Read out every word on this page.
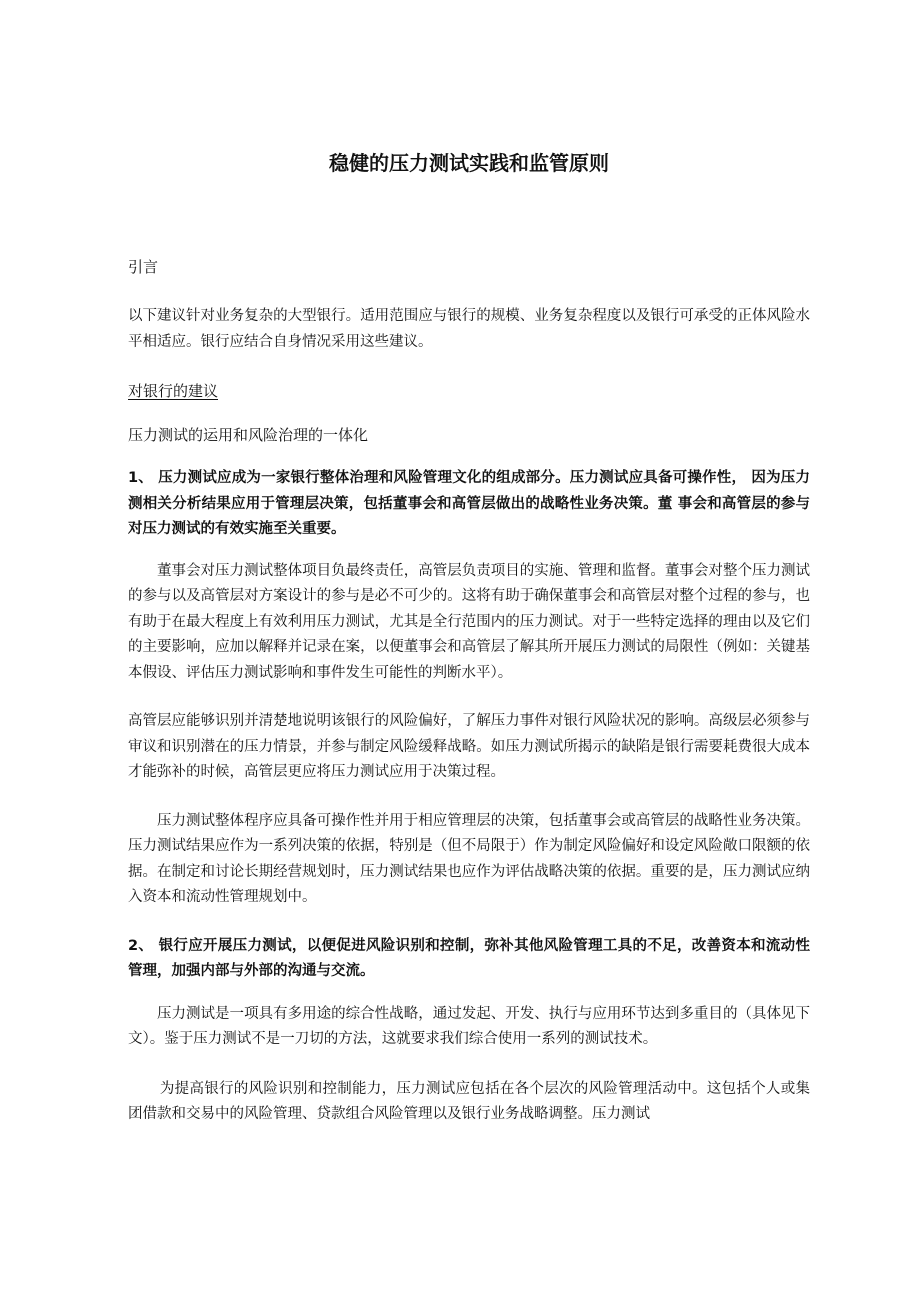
稳健的压力测试实践和监管原则
引言

以下建议针对业务复杂的大型银行。适用范围应与银行的规模、业务复杂程度以及银行可承受的正体风险水平相适应。银行应结合自身情况采用这些建议。

对银行的建议
压力测试的运用和风险治理的一体化

1、 压力测试应成为一家银行整体治理和风险管理文化的组成部分。压力测试应具备可操作性， 因为压力测相关分析结果应用于管理层决策，包括董事会和高管层做出的战略性业务决策。董 事会和高管层的参与对压力测试的有效实施至关重要。

董事会对压力测试整体项目负最终责任，高管层负责项目的实施、管理和监督。董事会对整个压力测试的参与以及高管层对方案设计的参与是必不可少的。这将有助于确保董事会和高管层对整个过程的参与，也有助于在最大程度上有效利用压力测试，尤其是全行范围内的压力测试。对于一些特定选择的理由以及它们的主要影响，应加以解释并记录在案，以便董事会和高管层了解其所开展压力测试的局限性（例如：关键基本假设、评估压力测试影响和事件发生可能性的判断水平）。

高管层应能够识别并清楚地说明该银行的风险偏好，了解压力事件对银行风险状况的影响。高级层必须参与审议和识别潜在的压力情景，并参与制定风险缓释战略。如压力测试所揭示的缺陷是银行需要耗费很大成本才能弥补的时候，高管层更应将压力测试应用于决策过程。

压力测试整体程序应具备可操作性并用于相应管理层的决策，包括董事会或高管层的战略性业务决策。压力测试结果应作为一系列决策的依据，特别是（但不局限于）作为制定风险偏好和设定风险敞口限额的依据。在制定和讨论长期经营规划时，压力测试结果也应作为评估战略决策的依据。重要的是，压力测试应纳入资本和流动性管理规划中。

2、 银行应开展压力测试，以便促进风险识别和控制，弥补其他风险管理工具的不足，改善资本和流动性管理，加强内部与外部的沟通与交流。

压力测试是一项具有多用途的综合性战略，通过发起、开发、执行与应用环节达到多重目的（具体见下文）。鉴于压力测试不是一刀切的方法，这就要求我们综合使用一系列的测试技术。

为提高银行的风险识别和控制能力，压力测试应包括在各个层次的风险管理活动中。这包括个人或集团借款和交易中的风险管理、贷款组合风险管理以及银行业务战略调整。压力测试
